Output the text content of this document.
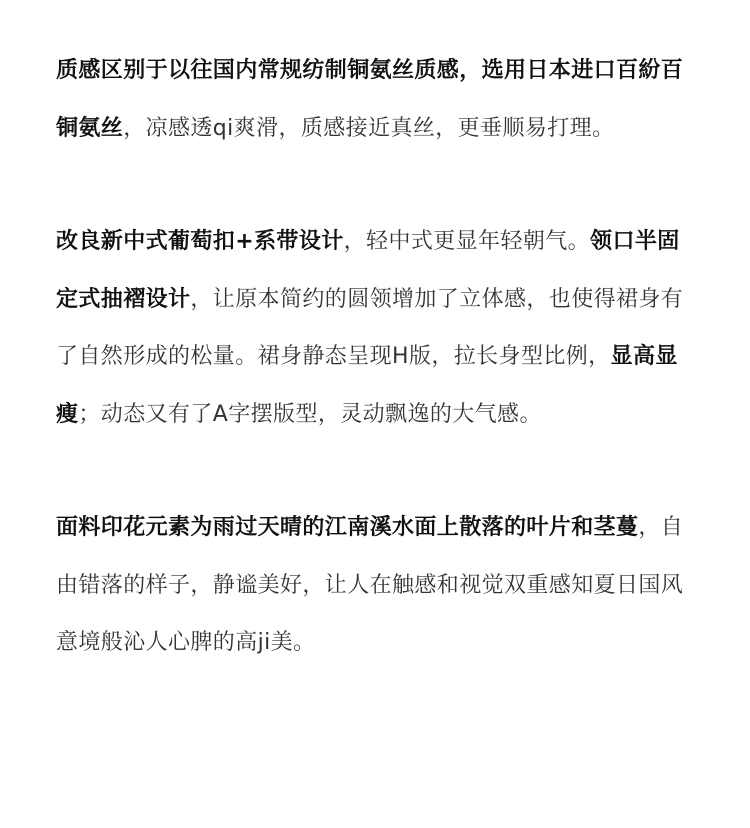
质感区别于以往国内常规纺制铜氨丝质感，选用日本进口百紛百铜氨丝，凉感透qi爽滑，质感接近真丝，更垂顺易打理。

改良新中式葡萄扣+系带设计，轻中式更显年轻朝气。领口半固定式抽褶设计，让原本简约的圆领增加了立体感，也使得裙身有了自然形成的松量。裙身静态呈现H版，拉长身型比例，显高显瘦；动态又有了A字摆版型，灵动飘逸的大气感。

面料印花元素为雨过天晴的江南溪水面上散落的叶片和茎蔓，自由错落的样子，静谧美好，让人在触感和视觉双重感知夏日国风意境般沁人心脾的高ji美。
